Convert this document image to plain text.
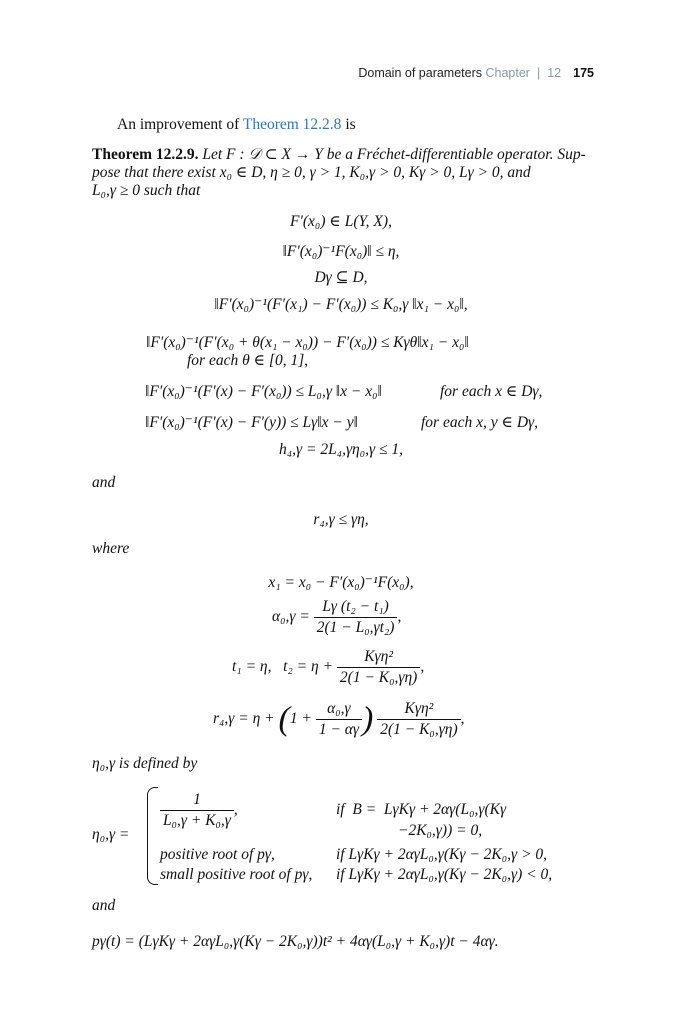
Domain of parameters Chapter | 12 175
An improvement of Theorem 12.2.8 is
Theorem 12.2.9. Let F : 𝒟 ⊂ X → Y be a Fréchet-differentiable operator. Sup-
pose that there exist x₀ ∈ D, η ≥ 0, γ > 1, K₀,γ > 0, Kγ > 0, Lγ > 0, and
L₀,γ ≥ 0 such that
F′(x₀) ∈ L(Y, X),
‖F′(x₀)⁻¹F(x₀)‖ ≤ η,
Dγ ⊆ D,
‖F′(x₀)⁻¹(F′(x₁) − F′(x₀)) ≤ K₀,γ ‖x₁ − x₀‖,
‖F′(x₀)⁻¹(F′(x₀ + θ(x₁ − x₀)) − F′(x₀)) ≤ Kγθ‖x₁ − x₀‖
for each θ ∈ [0, 1],
‖F′(x₀)⁻¹(F′(x) − F′(x₀)) ≤ L₀,γ ‖x − x₀‖	for each x ∈ Dγ,
‖F′(x₀)⁻¹(F′(x) − F′(y)) ≤ Lγ‖x − y‖	for each x, y ∈ Dγ,
h₄,γ = 2L₄,γη₀,γ ≤ 1,
and
r₄,γ ≤ γη,
where
x₁ = x₀ − F′(x₀)⁻¹F(x₀),
$\alpha_0,\gamma = \frac{\text{Lγ (t₂ − t₁)}}{\text{2(1 − L₀,γt₂)}}$ ,
t₁ = η,   $t_2 = \eta + \frac{\text{Kγη²}}{\text{2(1 − K₀,γη)}}$ ,
$r_4,\gamma = \eta + (1 + \frac{\text{α₀,γ}}{1 - \alpha\gamma}$ ) $\frac{\text{Kγη²}}{\text{2(1 − K₀,γη)}}$ ,
η₀,γ is defined by
η₀,γ =
$\frac{1}{\text{L₀,γ + K₀,γ}}$ ,	if  B =  LγKγ + 2αγ(L₀,γ(Kγ
−2K₀,γ)) = 0,
positive root of pγ,	if LγKγ + 2αγL₀,γ(Kγ − 2K₀,γ > 0,
small positive root of pγ, if LγKγ + 2αγL₀,γ(Kγ − 2K₀,γ) < 0,
and
pγ(t) = (LγKγ + 2αγL₀,γ(Kγ − 2K₀,γ))t² + 4αγ(L₀,γ + K₀,γ)t − 4αγ.
